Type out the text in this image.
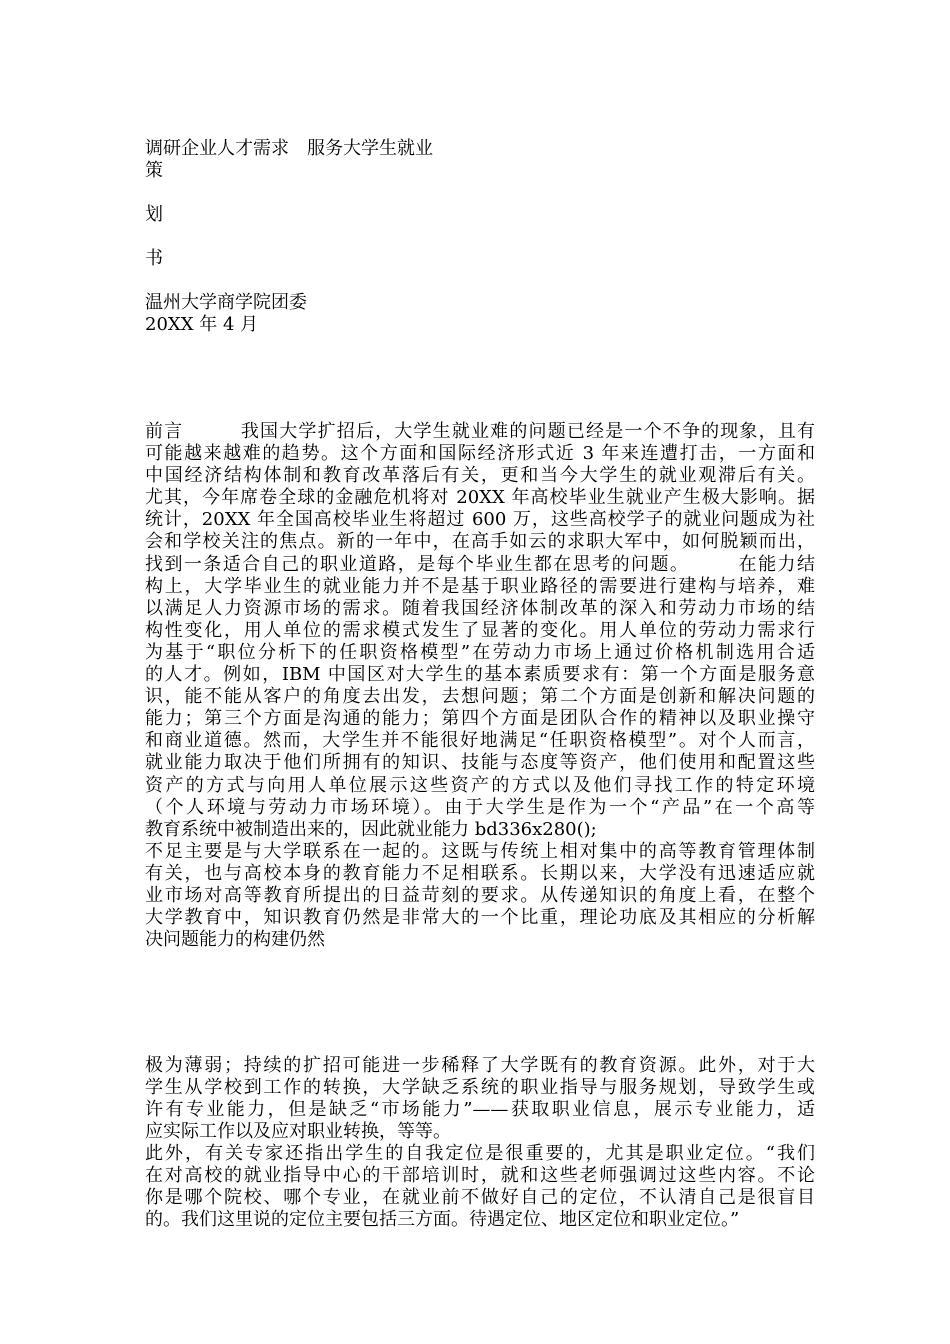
调研企业人才需求　服务大学生就业
策
划
书
温州大学商学院团委
20XX 年 4 月
前言　　　我国大学扩招后，大学生就业难的问题已经是一个不争的现象，且有
可能越来越难的趋势。这个方面和国际经济形式近 3 年来连遭打击，一方面和
中国经济结构体制和教育改革落后有关，更和当今大学生的就业观滞后有关。
尤其，今年席卷全球的金融危机将对 20XX 年高校毕业生就业产生极大影响。据
统计，20XX 年全国高校毕业生将超过 600 万，这些高校学子的就业问题成为社
会和学校关注的焦点。新的一年中，在高手如云的求职大军中，如何脱颖而出，
找到一条适合自己的职业道路，是每个毕业生都在思考的问题。　　　在能力结
构上，大学毕业生的就业能力并不是基于职业路径的需要进行建构与培养，难
以满足人力资源市场的需求。随着我国经济体制改革的深入和劳动力市场的结
构性变化，用人单位的需求模式发生了显著的变化。用人单位的劳动力需求行
为基于“职位分析下的任职资格模型”在劳动力市场上通过价格机制选用合适
的人才。例如，IBM 中国区对大学生的基本素质要求有：第一个方面是服务意
识，能不能从客户的角度去出发，去想问题；第二个方面是创新和解决问题的
能力；第三个方面是沟通的能力；第四个方面是团队合作的精神以及职业操守
和商业道德。然而，大学生并不能很好地满足“任职资格模型”。对个人而言，
就业能力取决于他们所拥有的知识、技能与态度等资产，他们使用和配置这些
资产的方式与向用人单位展示这些资产的方式以及他们寻找工作的特定环境
（个人环境与劳动力市场环境）。由于大学生是作为一个“产品”在一个高等
教育系统中被制造出来的，因此就业能力 bd336x280();
不足主要是与大学联系在一起的。这既与传统上相对集中的高等教育管理体制
有关，也与高校本身的教育能力不足相联系。长期以来，大学没有迅速适应就
业市场对高等教育所提出的日益苛刻的要求。从传递知识的角度上看，在整个
大学教育中，知识教育仍然是非常大的一个比重，理论功底及其相应的分析解
决问题能力的构建仍然
极为薄弱；持续的扩招可能进一步稀释了大学既有的教育资源。此外，对于大
学生从学校到工作的转换，大学缺乏系统的职业指导与服务规划，导致学生或
许有专业能力，但是缺乏“市场能力”——获取职业信息，展示专业能力，适
应实际工作以及应对职业转换，等等。
此外，有关专家还指出学生的自我定位是很重要的，尤其是职业定位。“我们
在对高校的就业指导中心的干部培训时，就和这些老师强调过这些内容。不论
你是哪个院校、哪个专业，在就业前不做好自己的定位，不认清自己是很盲目
的。我们这里说的定位主要包括三方面。待遇定位、地区定位和职业定位。”
